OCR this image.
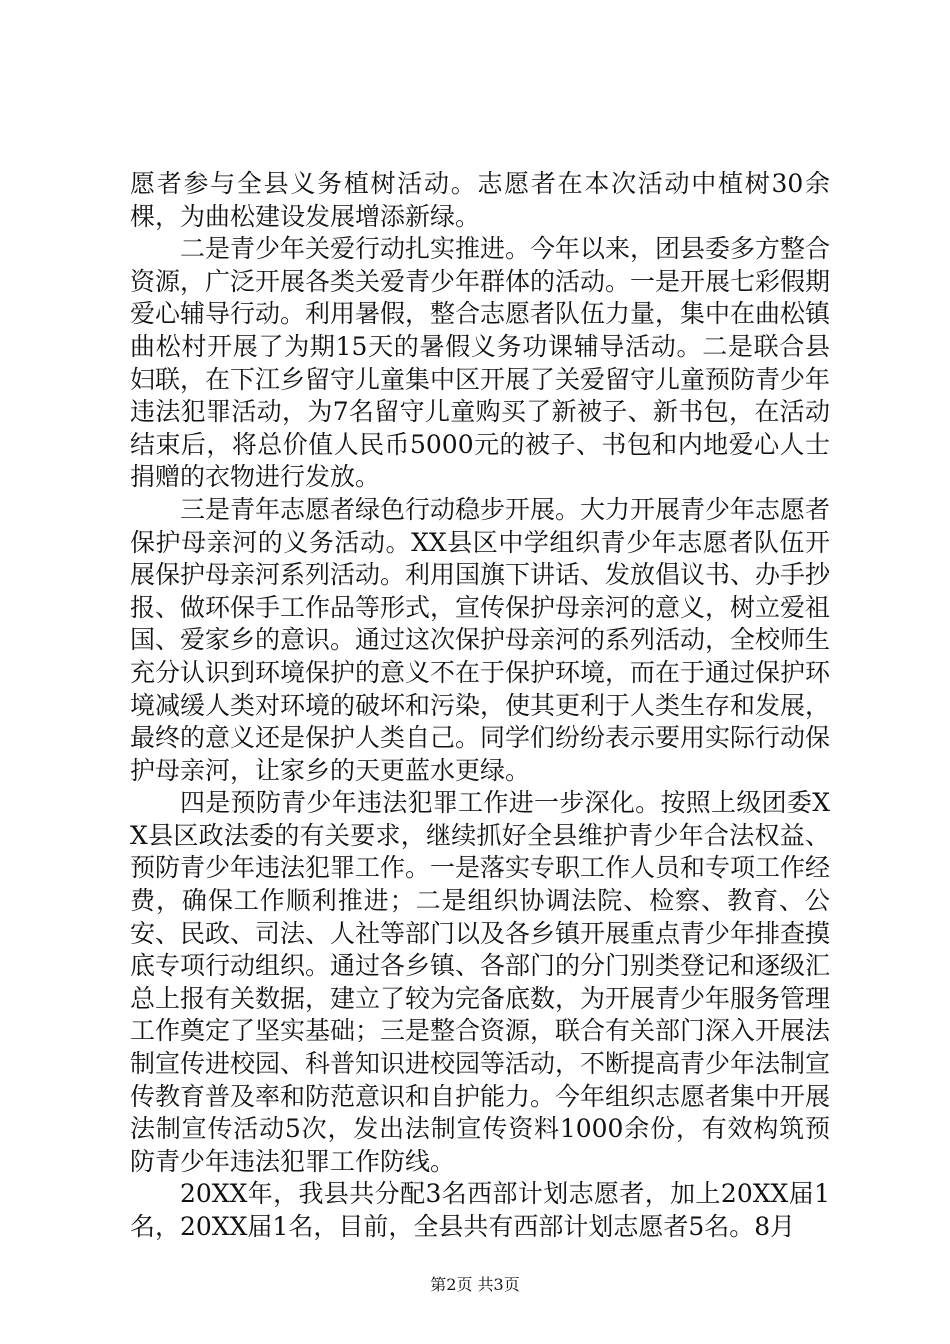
愿者参与全县义务植树活动。志愿者在本次活动中植树30余棵，为曲松建设发展增添新绿。

二是青少年关爱行动扎实推进。今年以来，团县委多方整合资源，广泛开展各类关爱青少年群体的活动。一是开展七彩假期爱心辅导行动。利用暑假，整合志愿者队伍力量，集中在曲松镇曲松村开展了为期15天的暑假义务功课辅导活动。二是联合县妇联，在下江乡留守儿童集中区开展了关爱留守儿童预防青少年违法犯罪活动，为7名留守儿童购买了新被子、新书包，在活动结束后，将总价值人民币5000元的被子、书包和内地爱心人士捐赠的衣物进行发放。

三是青年志愿者绿色行动稳步开展。大力开展青少年志愿者保护母亲河的义务活动。XX县区中学组织青少年志愿者队伍开展保护母亲河系列活动。利用国旗下讲话、发放倡议书、办手抄报、做环保手工作品等形式，宣传保护母亲河的意义，树立爱祖国、爱家乡的意识。通过这次保护母亲河的系列活动，全校师生充分认识到环境保护的意义不在于保护环境，而在于通过保护环境减缓人类对环境的破坏和污染，使其更利于人类生存和发展，最终的意义还是保护人类自己。同学们纷纷表示要用实际行动保护母亲河，让家乡的天更蓝水更绿。

四是预防青少年违法犯罪工作进一步深化。按照上级团委XX县区政法委的有关要求，继续抓好全县维护青少年合法权益、预防青少年违法犯罪工作。一是落实专职工作人员和专项工作经费，确保工作顺利推进；二是组织协调法院、检察、教育、公安、民政、司法、人社等部门以及各乡镇开展重点青少年排查摸底专项行动组织。通过各乡镇、各部门的分门别类登记和逐级汇总上报有关数据，建立了较为完备底数，为开展青少年服务管理工作奠定了坚实基础；三是整合资源，联合有关部门深入开展法制宣传进校园、科普知识进校园等活动，不断提高青少年法制宣传教育普及率和防范意识和自护能力。今年组织志愿者集中开展法制宣传活动5次，发出法制宣传资料1000余份，有效构筑预防青少年违法犯罪工作防线。

20XX年，我县共分配3名西部计划志愿者，加上20XX届1名，20XX届1名，目前，全县共有西部计划志愿者5名。8月

第2页 共3页
